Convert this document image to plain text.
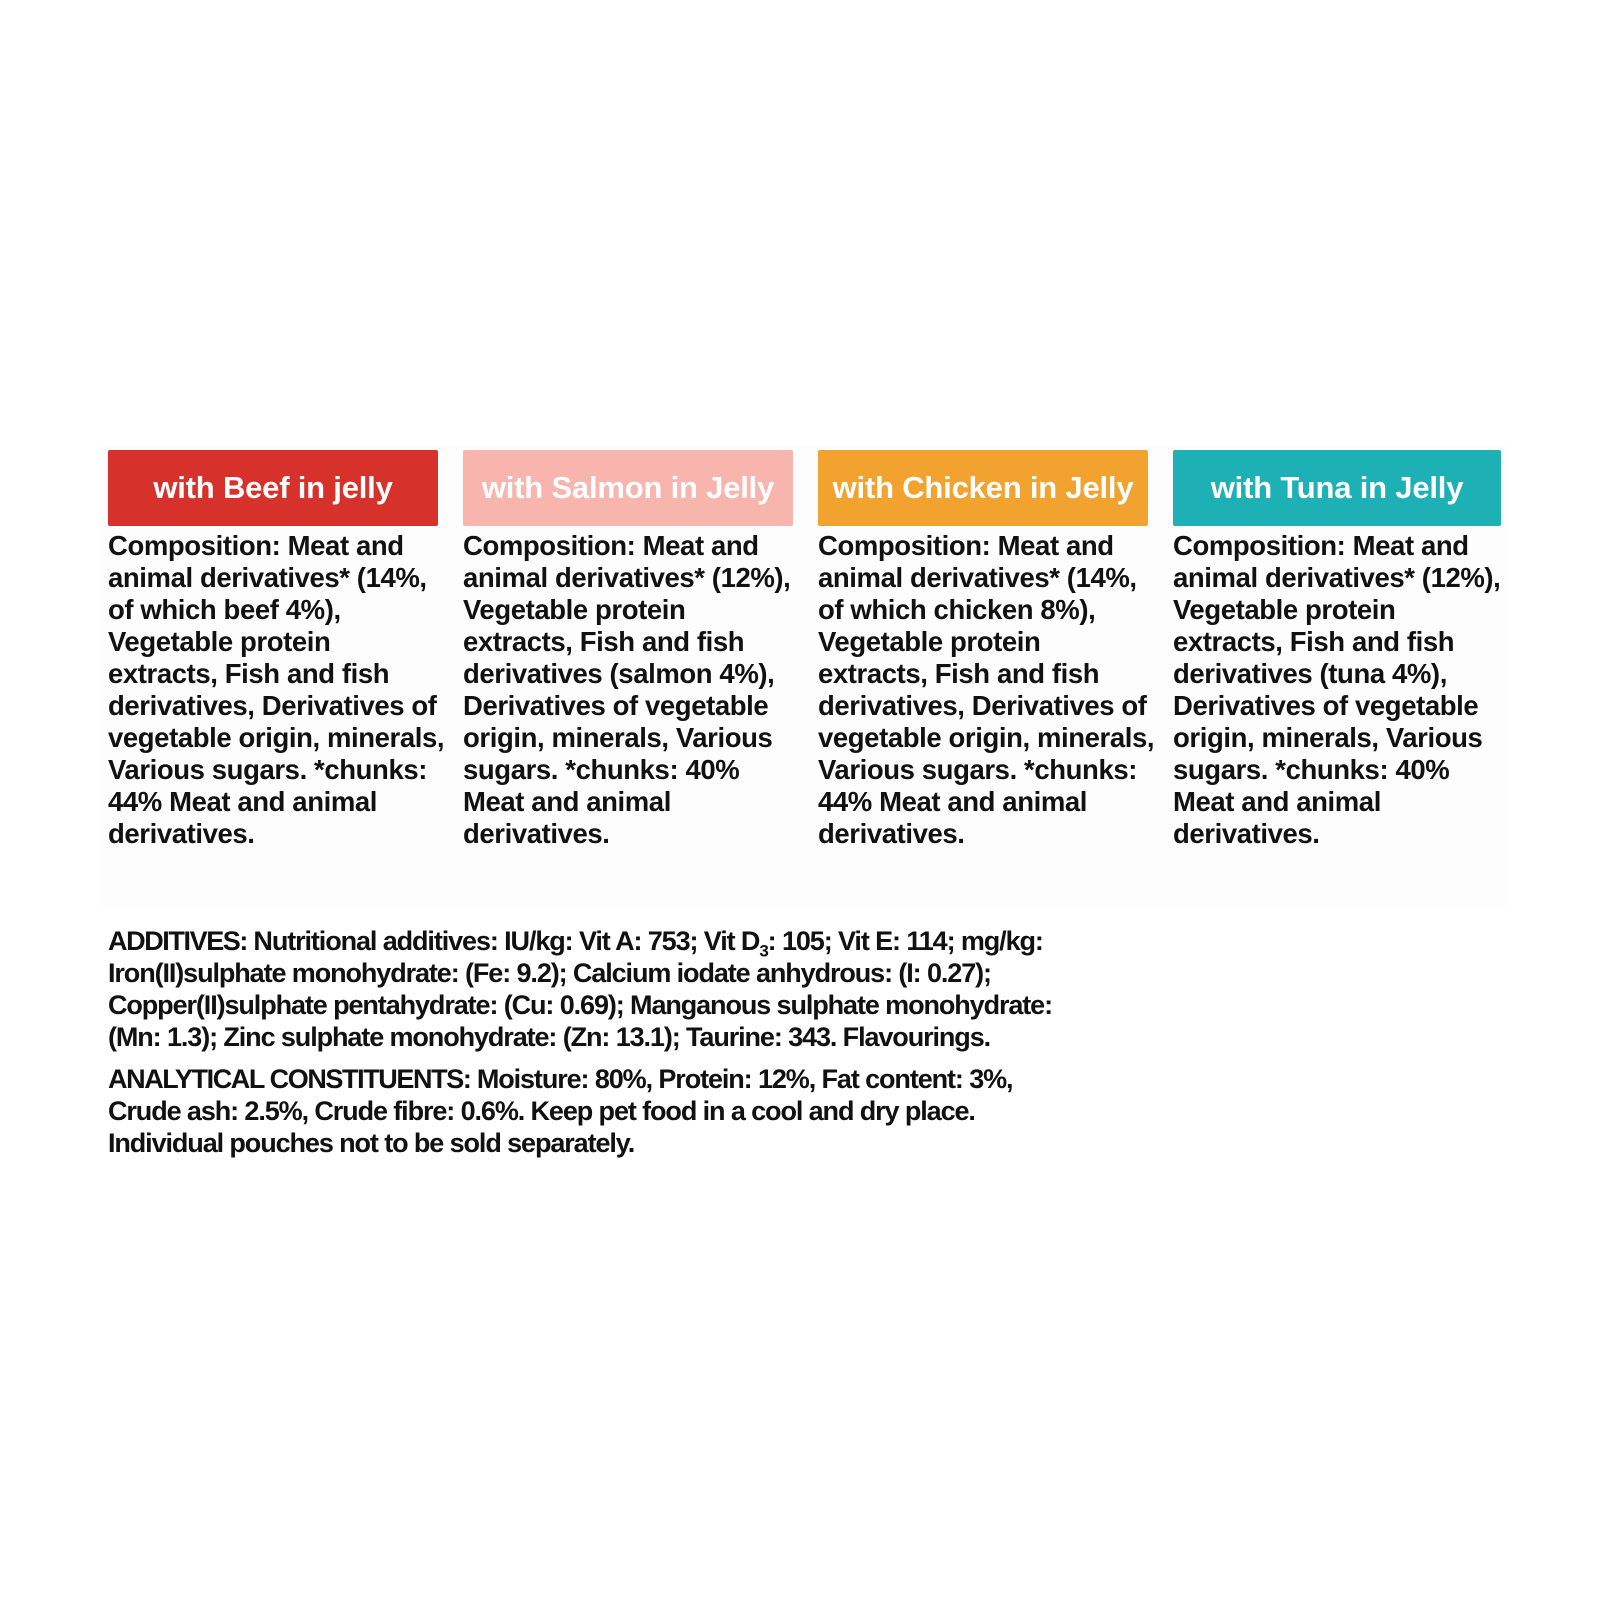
with Beef in jelly
Composition: Meat and animal derivatives* (14%, of which beef 4%), Vegetable protein extracts, Fish and fish derivatives, Derivatives of vegetable origin, minerals, Various sugars. *chunks: 44% Meat and animal derivatives.
with Salmon in Jelly
Composition: Meat and animal derivatives* (12%), Vegetable protein extracts, Fish and fish derivatives (salmon 4%), Derivatives of vegetable origin, minerals, Various sugars. *chunks: 40% Meat and animal derivatives.
with Chicken in Jelly
Composition: Meat and animal derivatives* (14%, of which chicken 8%), Vegetable protein extracts, Fish and fish derivatives, Derivatives of vegetable origin, minerals, Various sugars. *chunks: 44% Meat and animal derivatives.
with Tuna in Jelly
Composition: Meat and animal derivatives* (12%), Vegetable protein extracts, Fish and fish derivatives (tuna 4%), Derivatives of vegetable origin, minerals, Various sugars. *chunks: 40% Meat and animal derivatives.

ADDITIVES: Nutritional additives: IU/kg: Vit A: 753; Vit $D_3$: 105; Vit E: 114; mg/kg: Iron(II)sulphate monohydrate: (Fe: 9.2); Calcium iodate anhydrous: (I: 0.27); Copper(II)sulphate pentahydrate: (Cu: 0.69); Manganous sulphate monohydrate: (Mn: 1.3); Zinc sulphate monohydrate: (Zn: 13.1); Taurine: 343. Flavourings.

ANALYTICAL CONSTITUENTS: Moisture: 80%, Protein: 12%, Fat content: 3%, Crude ash: 2.5%, Crude fibre: 0.6%. Keep pet food in a cool and dry place. Individual pouches not to be sold separately.
